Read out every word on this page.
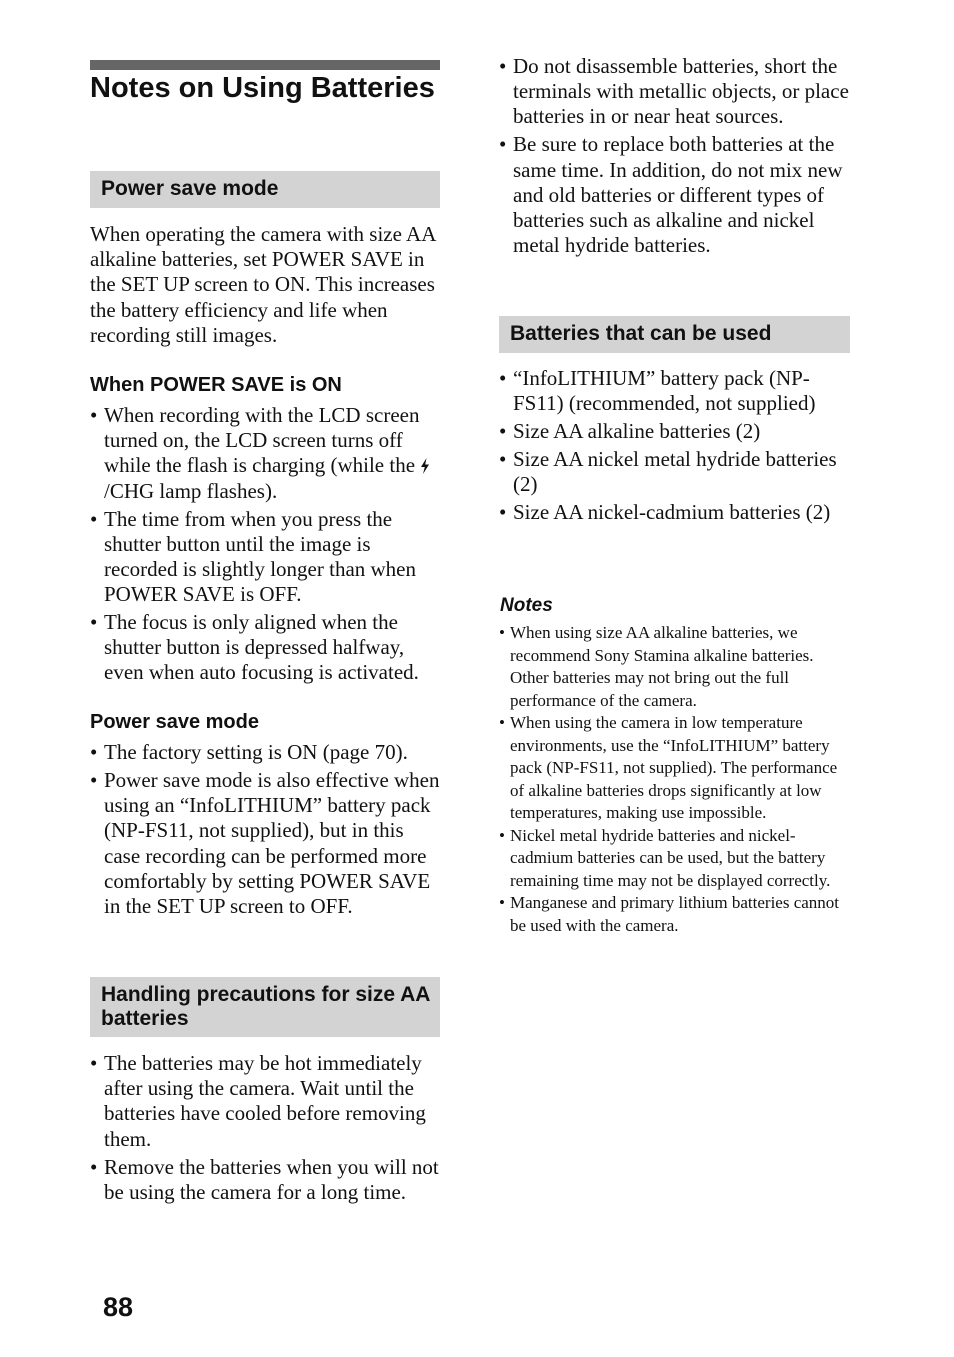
Notes on Using Batteries
Power save mode

When operating the camera with size AA alkaline batteries, set POWER SAVE in the SET UP screen to ON. This increases the battery efficiency and life when recording still images.

When POWER SAVE is ON
• When recording with the LCD screen turned on, the LCD screen turns off while the flash is charging (while the /CHG lamp flashes).
• The time from when you press the shutter button until the image is recorded is slightly longer than when POWER SAVE is OFF.
• The focus is only aligned when the shutter button is depressed halfway, even when auto focusing is activated.
Power save mode
• The factory setting is ON (page 70).
• Power save mode is also effective when using an “InfoLITHIUM” battery pack (NP-FS11, not supplied), but in this case recording can be performed more comfortably by setting POWER SAVE in the SET UP screen to OFF.
Handling precautions for size AA batteries
• The batteries may be hot immediately after using the camera. Wait until the batteries have cooled before removing them.
• Remove the batteries when you will not be using the camera for a long time.
• Do not disassemble batteries, short the terminals with metallic objects, or place batteries in or near heat sources.
• Be sure to replace both batteries at the same time. In addition, do not mix new and old batteries or different types of batteries such as alkaline and nickel metal hydride batteries.
Batteries that can be used
• “InfoLITHIUM” battery pack (NP-FS11) (recommended, not supplied)
• Size AA alkaline batteries (2)
• Size AA nickel metal hydride batteries (2)
• Size AA nickel-cadmium batteries (2)
Notes
• When using size AA alkaline batteries, we recommend Sony Stamina alkaline batteries. Other batteries may not bring out the full performance of the camera.
• When using the camera in low temperature environments, use the “InfoLITHIUM” battery pack (NP-FS11, not supplied). The performance of alkaline batteries drops significantly at low temperatures, making use impossible.
• Nickel metal hydride batteries and nickel-cadmium batteries can be used, but the battery remaining time may not be displayed correctly.
• Manganese and primary lithium batteries cannot be used with the camera.
88
